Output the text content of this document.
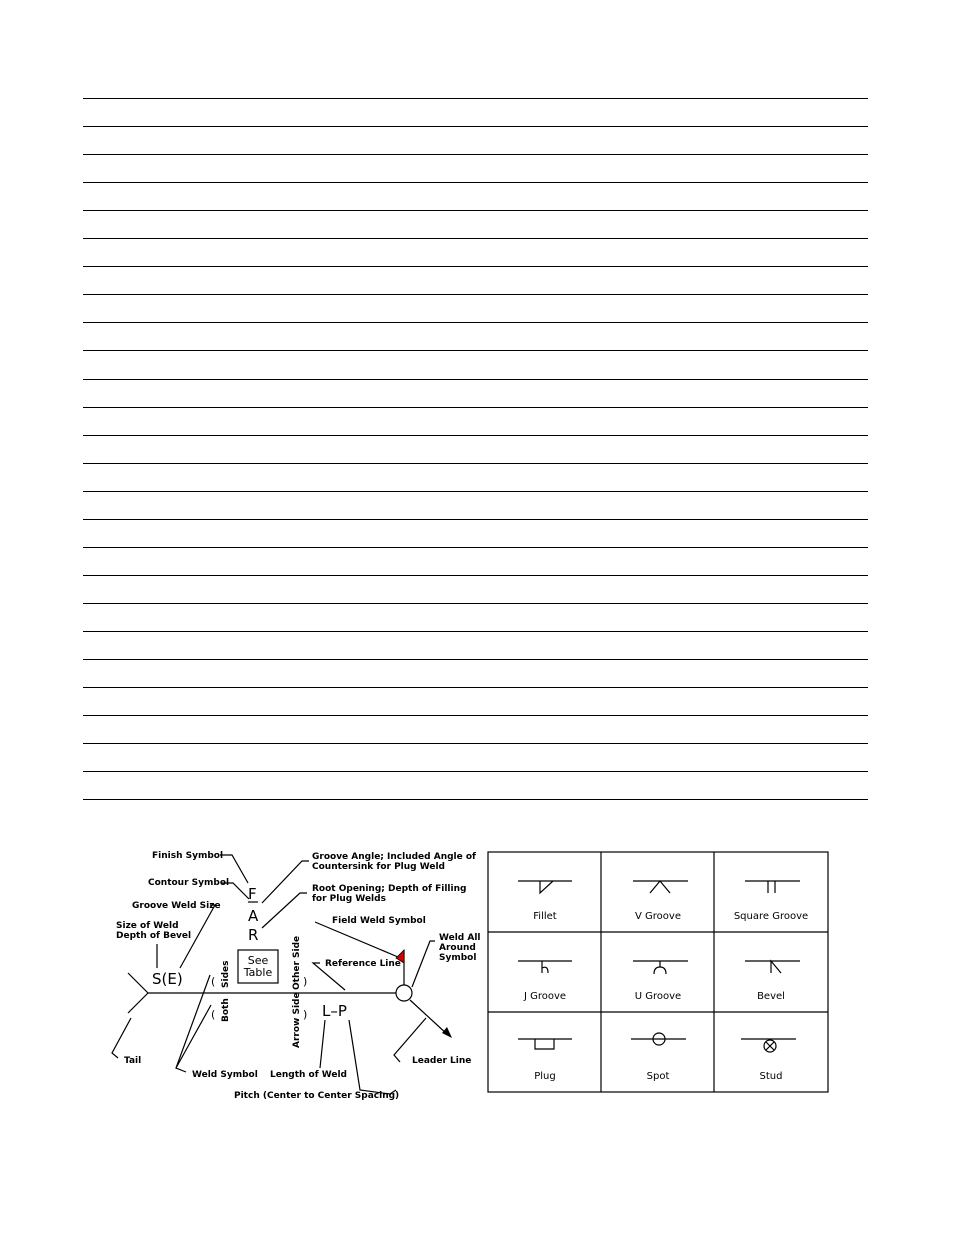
Finish Symbol
Contour Symbol
Groove Weld Size
Size of Weld
Depth of Bevel
Groove Angle; Included Angle of
Countersink for Plug Weld
Root Opening; Depth of Filling
for Plug Welds
Field Weld Symbol
Weld All
Around
Symbol
Reference Line
Tail
Weld Symbol Length of Weld
Leader Line
Pitch (Center to Center Spacing)
Other Side
Arrow Side
Sides
Both
(
(
)
)
F
A
R
S(E)
L–P
See
Table
Fillet	V Groove	Square Groove
J Groove	U Groove	Bevel
Plug	Spot	Stud
